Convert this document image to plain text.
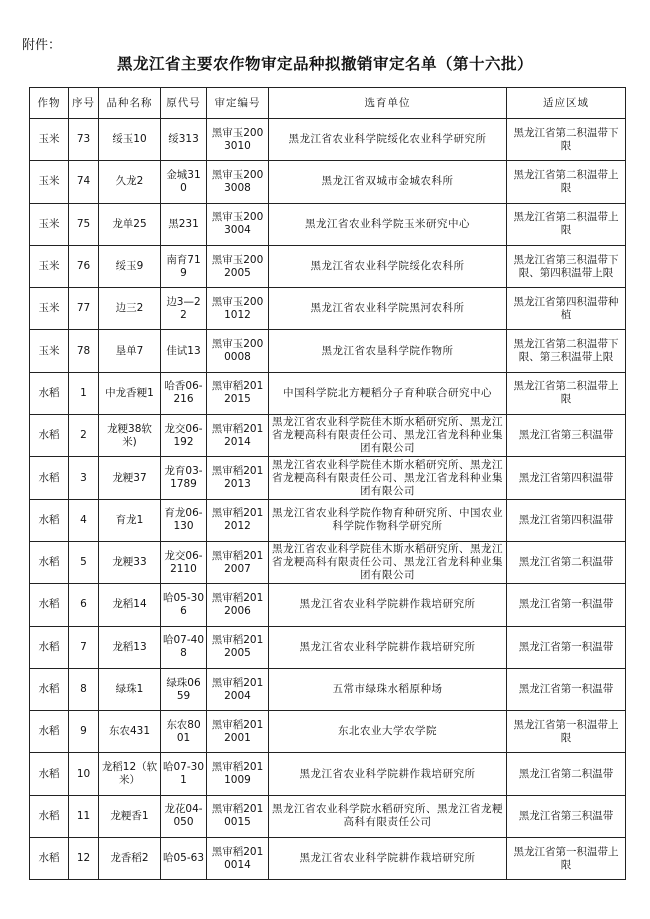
附件：
黑龙江省主要农作物审定品种拟撤销审定名单（第十六批）
作物	序号	品种名称	原代号	审定编号	选育单位	适应区域
玉米	73	绥玉10	绥313	黑审玉2003010	黑龙江省农业科学院绥化农业科学研究所	黑龙江省第二积温带下限
玉米	74	久龙2	金城310	黑审玉2003008	黑龙江省双城市金城农科所	黑龙江省第二积温带上限
玉米	75	龙单25	黑231	黑审玉2003004	黑龙江省农业科学院玉米研究中心	黑龙江省第二积温带上限
玉米	76	绥玉9	南育719	黑审玉2002005	黑龙江省农业科学院绥化农科所	黑龙江省第三积温带下限、第四积温带上限
玉米	77	边三2	边3—22	黑审玉2001012	黑龙江省农业科学院黑河农科所	黑龙江省第四积温带种植
玉米	78	垦单7	佳试13	黑审玉2000008	黑龙江省农垦科学院作物所	黑龙江省第二积温带下限、第三积温带上限
水稻	1	中龙香粳1	哈香06-216	黑审稻2012015	中国科学院北方粳稻分子育种联合研究中心	黑龙江省第二积温带上限
水稻	2	龙粳38软米)	龙交06-192	黑审稻2012014	黑龙江省农业科学院佳木斯水稻研究所、黑龙江省龙粳高科有限责任公司、黑龙江省龙科种业集团有限公司	黑龙江省第三积温带
水稻	3	龙粳37	龙育03-1789	黑审稻2012013	黑龙江省农业科学院佳木斯水稻研究所、黑龙江省龙粳高科有限责任公司、黑龙江省龙科种业集团有限公司	黑龙江省第四积温带
水稻	4	育龙1	育龙06-130	黑审稻2012012	黑龙江省农业科学院作物育种研究所、中国农业科学院作物科学研究所	黑龙江省第四积温带
水稻	5	龙粳33	龙交06-2110	黑审稻2012007	黑龙江省农业科学院佳木斯水稻研究所、黑龙江省龙粳高科有限责任公司、黑龙江省龙科种业集团有限公司	黑龙江省第二积温带
水稻	6	龙稻14	哈05-306	黑审稻2012006	黑龙江省农业科学院耕作栽培研究所	黑龙江省第一积温带
水稻	7	龙稻13	哈07-408	黑审稻2012005	黑龙江省农业科学院耕作栽培研究所	黑龙江省第一积温带
水稻	8	绿珠1	绿珠0659	黑审稻2012004	五常市绿珠水稻原种场	黑龙江省第一积温带
水稻	9	东农431	东农8001	黑审稻2012001	东北农业大学农学院	黑龙江省第一积温带上限
水稻	10	龙稻12（软米）	哈07-301	黑审稻2011009	黑龙江省农业科学院耕作栽培研究所	黑龙江省第二积温带
水稻	11	龙粳香1	龙花04-050	黑审稻2010015	黑龙江省农业科学院水稻研究所、黑龙江省龙粳高科有限责任公司	黑龙江省第三积温带
水稻	12	龙香稻2	哈05-63	黑审稻2010014	黑龙江省农业科学院耕作栽培研究所	黑龙江省第一积温带上限
